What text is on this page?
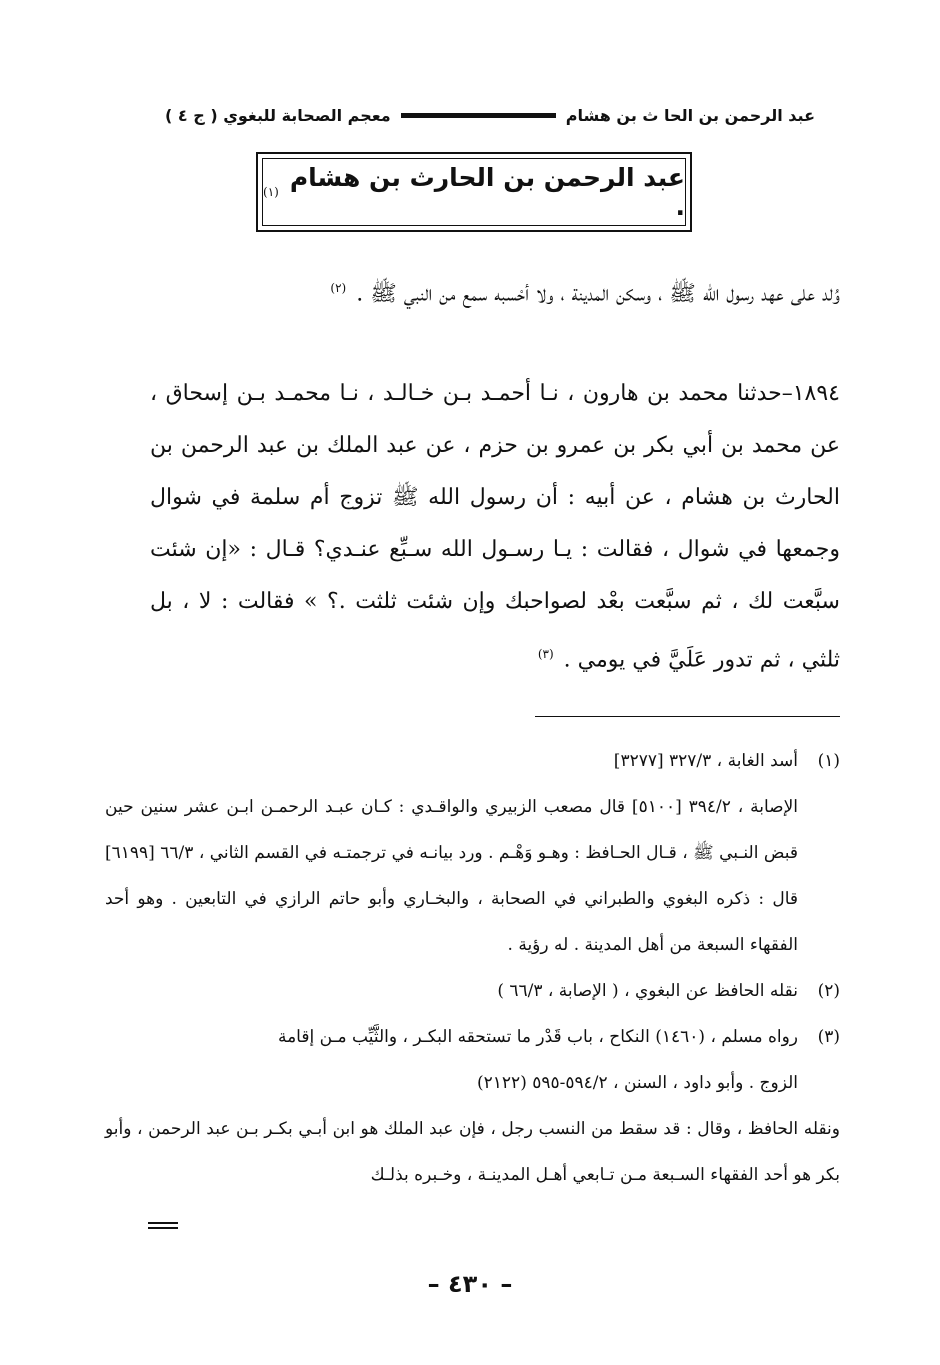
عبد الرحمن بن الحا ث بن هشام
معجم الصحابة للبغوي ( ج ٤ )
عبد الرحمن بن الحارث بن هشام .
(١)

وُلد على عهد رسول الله ﷺ ، وسكن المدينة ، ولا أحْسبه سمع من النبي ﷺ . $^{(٢)}$

١٨٩٤–حدثنا محمد بن هارون ، نـا أحمـد بـن خـالـد ، نـا محمـد بـن إسحاق ، عن محمد بن أبي بكر بن عمرو بن حزم ، عن عبد الملك بن عبد الرحمن بن الحارث بن هشام ، عن أبيه : أن رسول الله ﷺ تزوج أم سلمة في شوال وجمعها في شوال ، فقالت : يـا رسـول الله سـبِّع عنـدي؟ قـال : «إن شئت سبَّعت لك ، ثم سبَّعت بعْد لصواحبك وإن شئت ثلثت .؟ » فقالت : لا ، بل ثلثي ، ثم تدور عَلَيَّ في يومي . $^{(٣)}$

(١)
أسد الغابة ، ٣٢٧/٣ [٣٢٧٧]
الإصابة ، ٣٩٤/٢ [٥١٠٠] قال مصعب الزبيري والواقـدي : كـان عبـد الرحمـن ابـن عشر سنين حين قبض النـبي ﷺ ، قـال الحـافظ : وهـو وَهْـم . ورد بيانـه في ترجمتـه في القسم الثاني ، ٦٦/٣ [٦١٩٩] قال : ذكره البغوي والطبراني في الصحابة ، والبخـاري وأبو حاتم الرازي في التابعين . وهو أحد الفقهاء السبعة من أهل المدينة . له رؤية .
(٢)
نقله الحافظ عن البغوي ، ( الإصابة ، ٦٦/٣ )
(٣)
رواه مسلم ، (١٤٦٠) النكاح ، باب قَدْر ما تستحقه البكـر ، والثَّيِّب مـن إقامة
الزوج . وأبو داود ، السنن ، ٥٩٤/٢-٥٩٥ (٢١٢٢)
ونقله الحافظ ، وقال : قد سقط من النسب رجل ، فإن عبد الملك هو ابن أبـي بكـر بـن عبد الرحمن ، وأبو بكر هو أحد الفقهاء السـبعة مـن تـابعي أهـل المدينـة ، وخـبره بذلـك
– ٤٣٠ –
